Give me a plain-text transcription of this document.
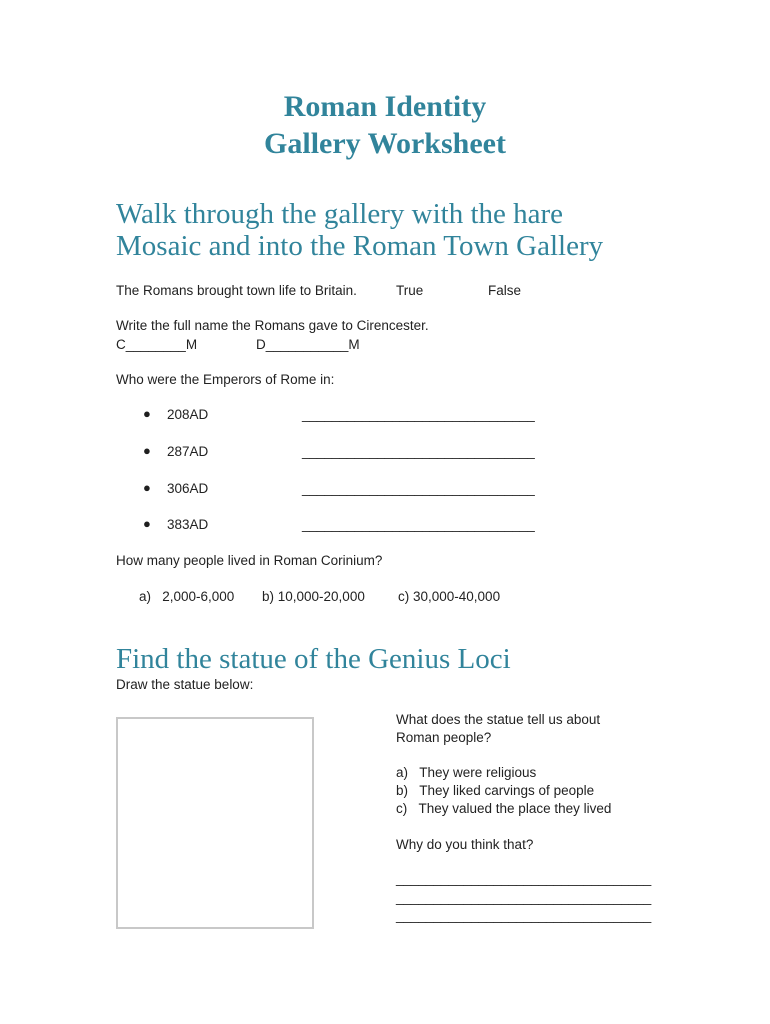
Roman Identity
Gallery Worksheet
Walk through the gallery with the hare
Mosaic and into the Roman Town Gallery
The Romans brought town life to Britain.	True	False
Write the full name the Romans gave to Cirencester.
C________M	D___________M
Who were the Emperors of Rome in:
● 208AD	_______________________________
● 287AD	_______________________________
● 306AD	_______________________________
● 383AD	_______________________________
How many people lived in Roman Corinium?
a)   2,000-6,000 b) 10,000-20,000 c) 30,000-40,000
Find the statue of the Genius Loci
Draw the statue below:
What does the statue tell us about
Roman people?
a)   They were religious
b)   They liked carvings of people
c)   They valued the place they lived
Why do you think that?
__________________________________
__________________________________
__________________________________
